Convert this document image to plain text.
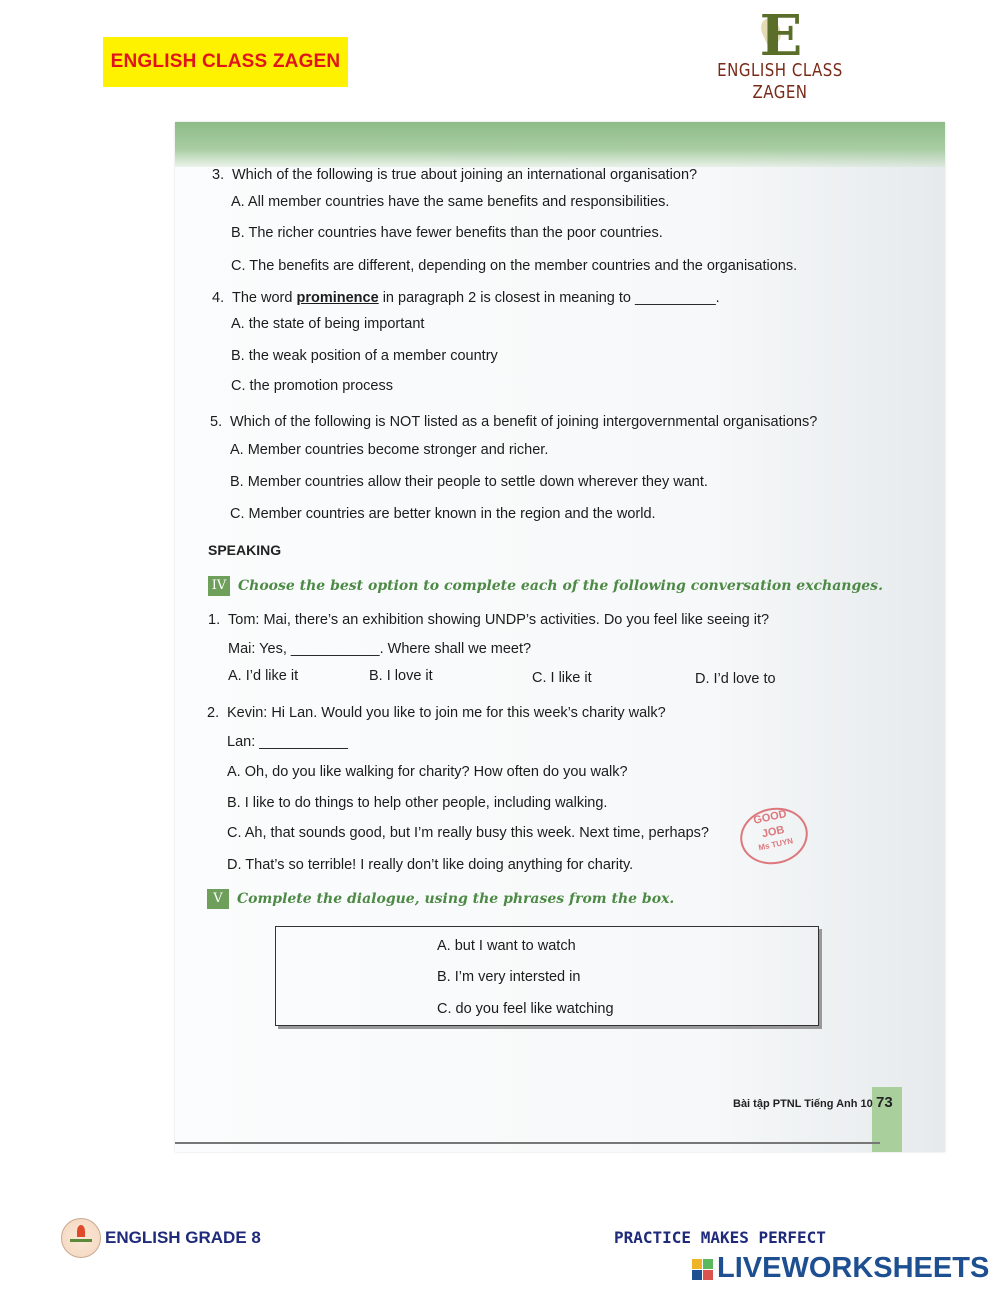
ENGLISH CLASS ZAGEN	E
ENGLISH CLASS ZAGEN
3. Which of the following is true about joining an international organisation?
A. All member countries have the same benefits and responsibilities.
B. The richer countries have fewer benefits than the poor countries.
C. The benefits are different, depending on the member countries and the organisations.
4. The word prominence in paragraph 2 is closest in meaning to __________.
A. the state of being important
B. the weak position of a member country
C. the promotion process
5. Which of the following is NOT listed as a benefit of joining intergovernmental organisations?
A. Member countries become stronger and richer.
B. Member countries allow their people to settle down wherever they want.
C. Member countries are better known in the region and the world.
SPEAKING
IV Choose the best option to complete each of the following conversation exchanges.
1. Tom: Mai, there’s an exhibition showing UNDP’s activities. Do you feel like seeing it?
Mai: Yes, ___________. Where shall we meet?
A. I’d like it	B. I love it	C. I like it	D. I’d love to
2. Kevin: Hi Lan. Would you like to join me for this week’s charity walk?
Lan: ___________
A. Oh, do you like walking for charity? How often do you walk?
B. I like to do things to help other people, including walking.
C. Ah, that sounds good, but I’m really busy this week. Next time, perhaps?
D. That’s so terrible! I really don’t like doing anything for charity.
GOOD
JOB
Ms TUYN
V Complete the dialogue, using the phrases from the box.
A. but I want to watch
B. I’m very intersted in
C. do you feel like watching
Bài tập PTNL Tiếng Anh 10 73
ENGLISH GRADE 8	PRACTICE MAKES PERFECT
LIVEWORKSHEETS
